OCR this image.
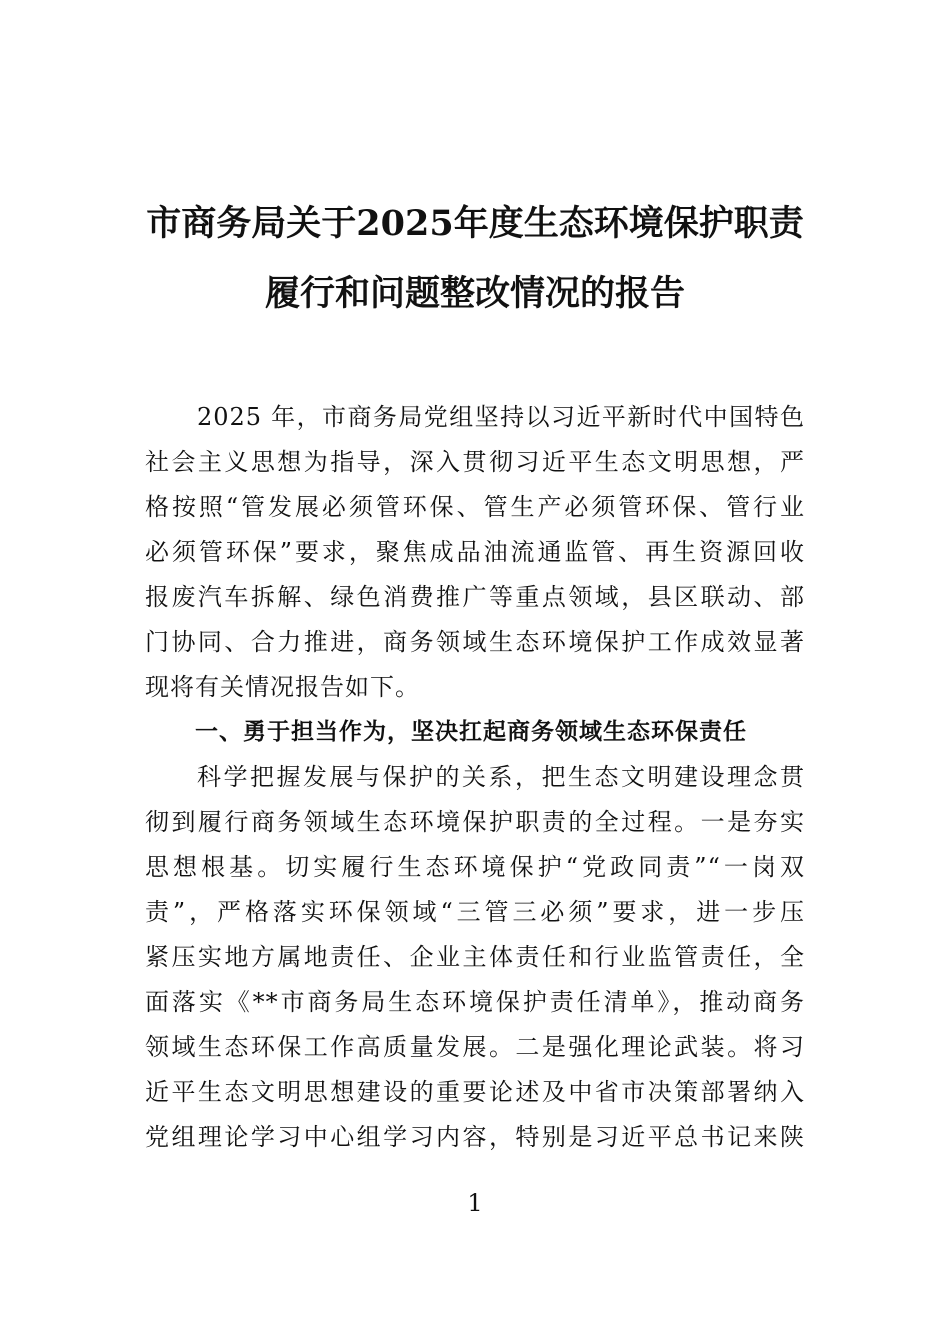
市商务局关于2025年度生态环境保护职责
履行和问题整改情况的报告
2025 年，市商务局党组坚持以习近平新时代中国特色
社会主义思想为指导，深入贯彻习近平生态文明思想，严
格按照“管发展必须管环保、管生产必须管环保、管行业
必须管环保”要求，聚焦成品油流通监管、再生资源回收
报废汽车拆解、绿色消费推广等重点领域，县区联动、部
门协同、合力推进，商务领域生态环境保护工作成效显著
现将有关情况报告如下。
一、勇于担当作为，坚决扛起商务领域生态环保责任
科学把握发展与保护的关系，把生态文明建设理念贯
彻到履行商务领域生态环境保护职责的全过程。一是夯实
思想根基。切实履行生态环境保护“党政同责”“一岗双
责”，严格落实环保领域“三管三必须”要求，进一步压
紧压实地方属地责任、企业主体责任和行业监管责任，全
面落实《**市商务局生态环境保护责任清单》，推动商务
领域生态环保工作高质量发展。二是强化理论武装。将习
近平生态文明思想建设的重要论述及中省市决策部署纳入
党组理论学习中心组学习内容，特别是习近平总书记来陕
1
